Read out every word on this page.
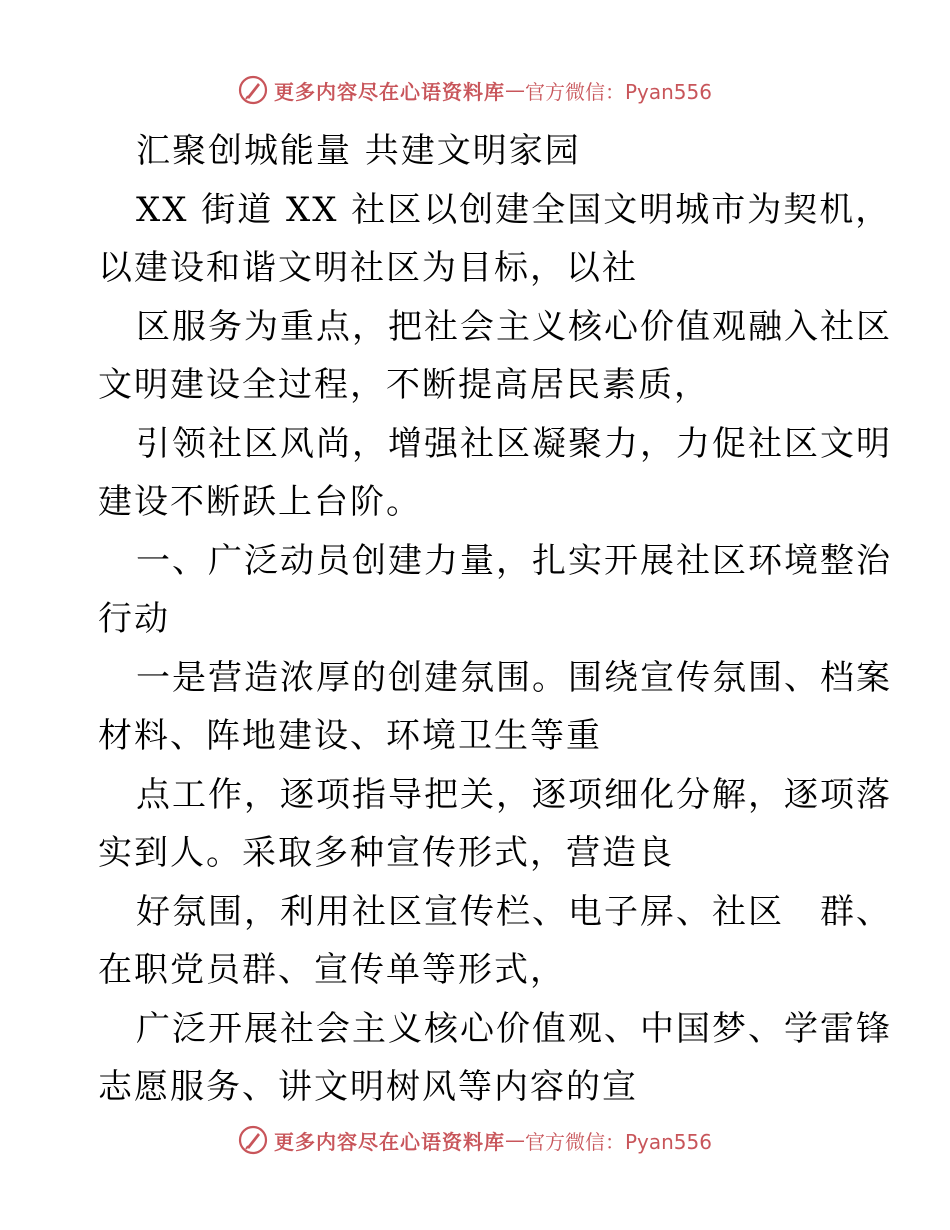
更多内容尽在心语资料库 — 官方微信：Pyan556

汇聚创城能量 共建文明家园

XX 街道 XX 社区以创建全国文明城市为契机，

以建设和谐文明社区为目标，以社

区服务为重点，把社会主义核心价值观融入社区

文明建设全过程，不断提高居民素质，

引领社区风尚，增强社区凝聚力，力促社区文明

建设不断跃上台阶。

一、广泛动员创建力量，扎实开展社区环境整治

行动

一是营造浓厚的创建氛围。围绕宣传氛围、档案

材料、阵地建设、环境卫生等重

点工作，逐项指导把关，逐项细化分解，逐项落

实到人。采取多种宣传形式，营造良

好氛围，利用社区宣传栏、电子屏、社区　群、

在职党员群、宣传单等形式，

广泛开展社会主义核心价值观、中国梦、学雷锋

志愿服务、讲文明树风等内容的宣

更多内容尽在心语资料库 — 官方微信：Pyan556
